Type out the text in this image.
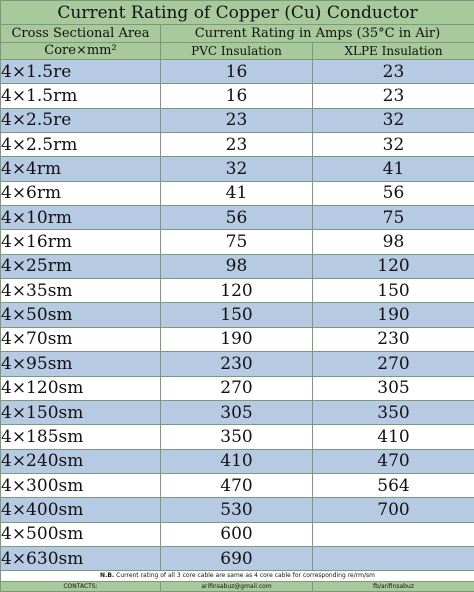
Current Rating of Copper (Cu) Conductor		
Cross Sectional Area	Current Rating in Amps (35°C in Air)	
Core×mm²	PVC Insulation	XLPE Insulation
4×1.5re	16	23
4×1.5rm	16	23
4×2.5re	23	32
4×2.5rm	23	32
4×4rm	32	41
4×6rm	41	56
4×10rm	56	75
4×16rm	75	98
4×25rm	98	120
4×35sm	120	150
4×50sm	150	190
4×70sm	190	230
4×95sm	230	270
4×120sm	270	305
4×150sm	305	350
4×185sm	350	410
4×240sm	410	470
4×300sm	470	564
4×400sm	530	700
4×500sm	600	
4×630sm	690	
N.B. Current rating of all 3 core cable are same as 4 core cable for corresponding re/rm/sm		
CONTACTS:	arifinsabuz@gmail.com	fb/arifinsabuz
